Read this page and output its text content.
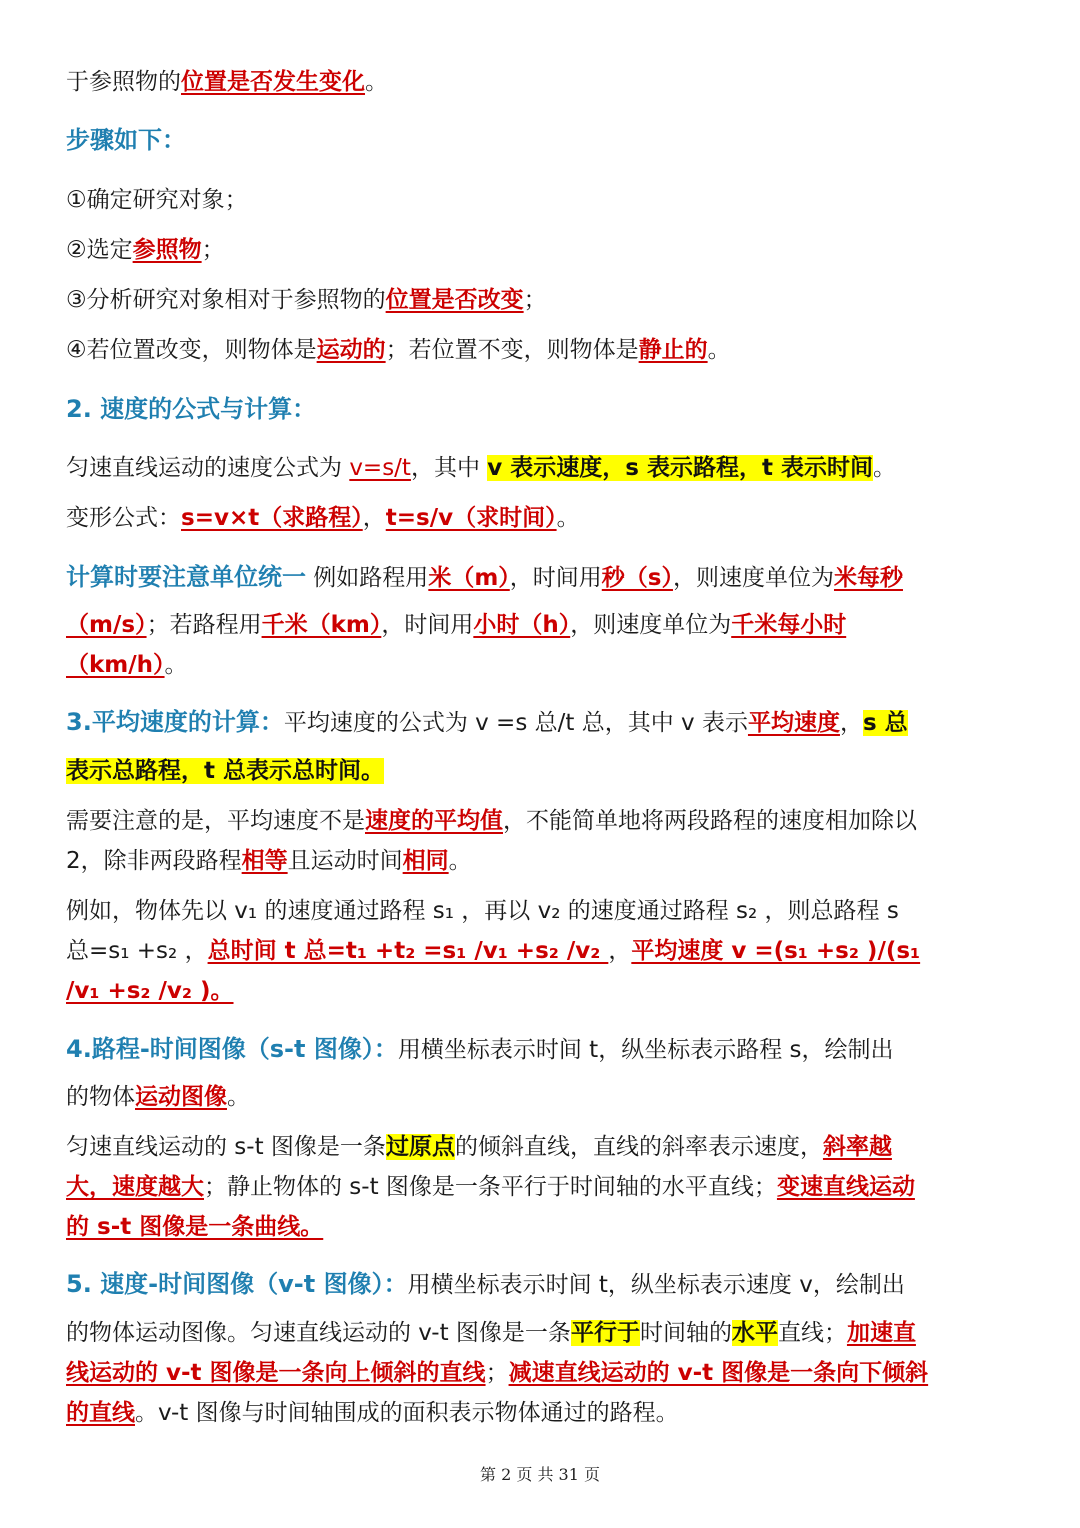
于参照物的位置是否发生变化。
步骤如下：
①确定研究对象；
②选定参照物；
③分析研究对象相对于参照物的位置是否改变；
④若位置改变，则物体是运动的；若位置不变，则物体是静止的。
2. 速度的公式与计算：
匀速直线运动的速度公式为 v=s/t，其中 v 表示速度，s 表示路程，t 表示时间。
变形公式：s=v×t（求路程），t=s/v（求时间）。
计算时要注意单位统一 例如路程用米（m），时间用秒（s），则速度单位为米每秒
（m/s）；若路程用千米（km），时间用小时（h），则速度单位为千米每小时
（km/h）。
3.平均速度的计算：平均速度的公式为 v =s 总/t 总，其中 v 表示平均速度，s 总
表示总路程，t 总表示总时间。
需要注意的是，平均速度不是速度的平均值，不能简单地将两段路程的速度相加除以
2，除非两段路程相等且运动时间相同。
例如，物体先以 v₁ 的速度通过路程 s₁ ，再以 v₂ 的速度通过路程 s₂ ，则总路程 s
总=s₁ +s₂ ，总时间 t 总=t₁ +t₂ =s₁ /v₁ +s₂ /v₂ ，平均速度 v =(s₁ +s₂ )/(s₁
/v₁ +s₂ /v₂ )。
4.路程-时间图像（s-t 图像）：用横坐标表示时间 t，纵坐标表示路程 s，绘制出
的物体运动图像。
匀速直线运动的 s-t 图像是一条过原点的倾斜直线，直线的斜率表示速度，斜率越
大，速度越大；静止物体的 s-t 图像是一条平行于时间轴的水平直线；变速直线运动
的 s-t 图像是一条曲线。
5. 速度-时间图像（v-t 图像）：用横坐标表示时间 t，纵坐标表示速度 v，绘制出
的物体运动图像。匀速直线运动的 v-t 图像是一条平行于时间轴的水平直线；加速直
线运动的 v-t 图像是一条向上倾斜的直线；减速直线运动的 v-t 图像是一条向下倾斜
的直线。v-t 图像与时间轴围成的面积表示物体通过的路程。
第 2 页 共 31 页
